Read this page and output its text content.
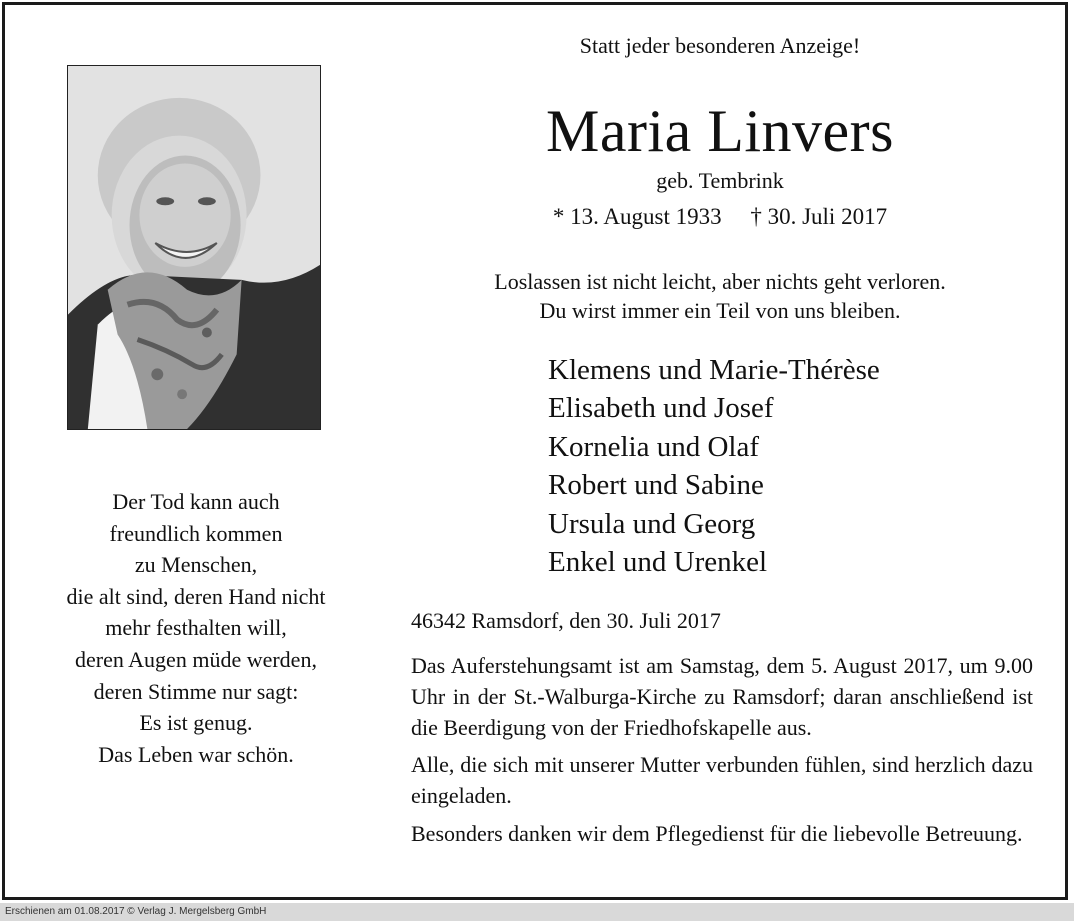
Statt jeder besonderen Anzeige!
Maria Linvers
geb. Tembrink
* 13. August 1933 † 30. Juli 2017
Loslassen ist nicht leicht, aber nichts geht verloren.
Du wirst immer ein Teil von uns bleiben.
Klemens und Marie-Thérèse
Elisabeth und Josef
Kornelia und Olaf
Robert und Sabine
Ursula und Georg
Enkel und Urenkel
46342 Ramsdorf, den 30. Juli 2017
Das Auferstehungsamt ist am Samstag, dem 5. August 2017, um 9.00 Uhr in der St.-Walburga-Kirche zu Ramsdorf; daran anschließend ist die Beerdigung von der Friedhofskapelle aus.
Alle, die sich mit unserer Mutter verbunden fühlen, sind herzlich dazu eingeladen.
Besonders danken wir dem Pflegedienst für die liebevolle Betreuung.
Der Tod kann auch
freundlich kommen
zu Menschen,
die alt sind, deren Hand nicht
mehr festhalten will,
deren Augen müde werden,
deren Stimme nur sagt:
Es ist genug.
Das Leben war schön.
Erschienen am 01.08.2017 © Verlag J. Mergelsberg GmbH
